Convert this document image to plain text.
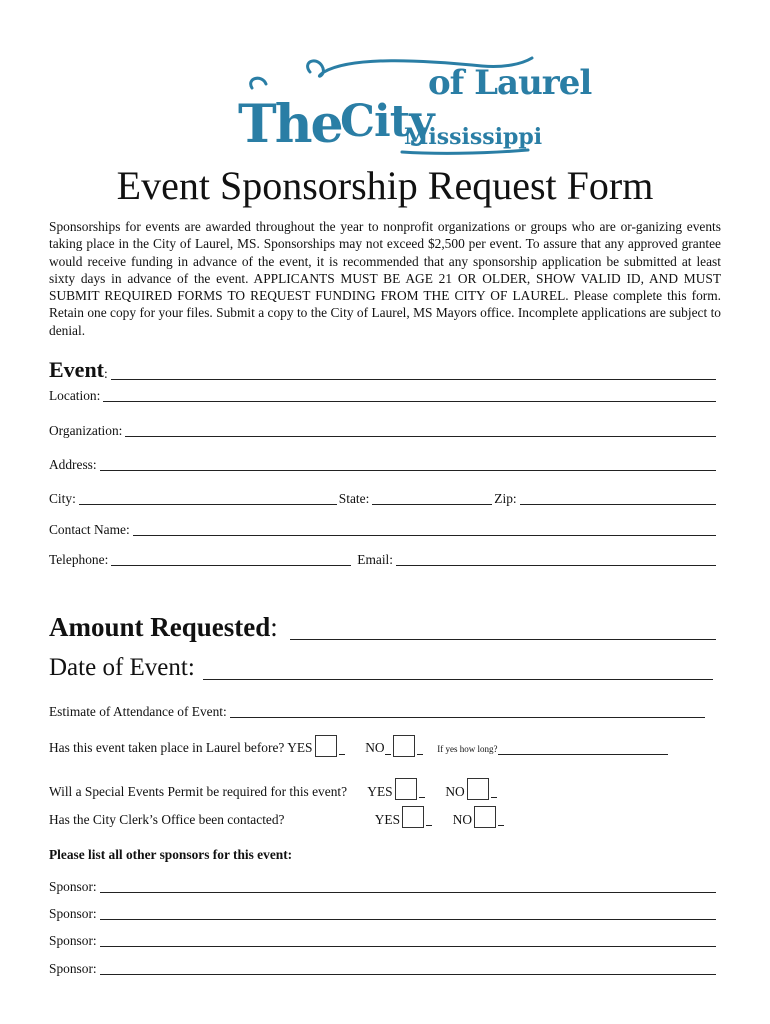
The
City
of Laurel
Mississippi
Event Sponsorship Request Form

Sponsorships for events are awarded throughout the year to nonprofit organizations or groups who are or-ganizing events taking place in the City of Laurel, MS. Sponsorships may not exceed $2,500 per event. To assure that any approved grantee would receive funding in advance of the event, it is recommended that any sponsorship application be submitted at least sixty days in advance of the event. APPLICANTS MUST BE AGE 21 OR OLDER, SHOW VALID ID, AND MUST SUBMIT REQUIRED FORMS TO REQUEST FUNDING FROM THE CITY OF LAUREL. Please complete this form. Retain one copy for your files. Submit a copy to the City of Laurel, MS Mayors office. Incomplete applications are subject to denial.

Event :
Location:
Organization:
Address:
City:	State:	Zip:
Contact Name:
Telephone:	Email:
Amount Requested :
Date of Event:
Estimate of Attendance of Event:
Has this event taken place in Laurel before? YES	NO	If yes how long?
Will a Special Events Permit be required for this event? YES	NO
Has the City Clerk’s Office been contacted?	YES	NO
Please list all other sponsors for this event:
Sponsor:
Sponsor:
Sponsor:
Sponsor:
